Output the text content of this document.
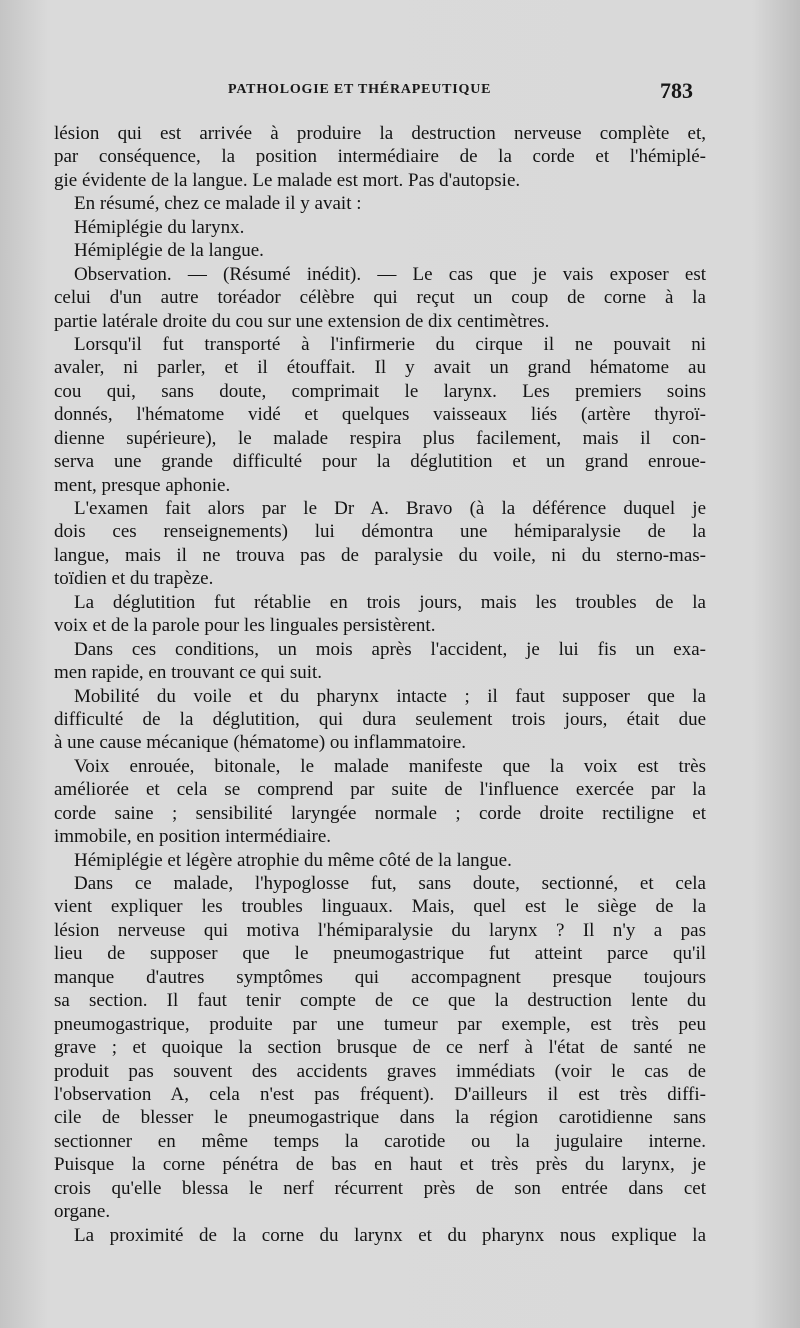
PATHOLOGIE ET THÉRAPEUTIQUE	783
lésion qui est arrivée à produire la destruction nerveuse complète et,
par conséquence, la position intermédiaire de la corde et l'hémiplé-
gie évidente de la langue. Le malade est mort. Pas d'autopsie.
En résumé, chez ce malade il y avait :
Hémiplégie du larynx.
Hémiplégie de la langue.
Observation. — (Résumé inédit). — Le cas que je vais exposer est
celui d'un autre toréador célèbre qui reçut un coup de corne à la
partie latérale droite du cou sur une extension de dix centimètres.
Lorsqu'il fut transporté à l'infirmerie du cirque il ne pouvait ni
avaler, ni parler, et il étouffait. Il y avait un grand hématome au
cou qui, sans doute, comprimait le larynx. Les premiers soins
donnés, l'hématome vidé et quelques vaisseaux liés (artère thyroï-
dienne supérieure), le malade respira plus facilement, mais il con-
serva une grande difficulté pour la déglutition et un grand enroue-
ment, presque aphonie.
L'examen fait alors par le Dr A. Bravo (à la déférence duquel je
dois ces renseignements) lui démontra une hémiparalysie de la
langue, mais il ne trouva pas de paralysie du voile, ni du sterno-mas-
toïdien et du trapèze.
La déglutition fut rétablie en trois jours, mais les troubles de la
voix et de la parole pour les linguales persistèrent.
Dans ces conditions, un mois après l'accident, je lui fis un exa-
men rapide, en trouvant ce qui suit.
Mobilité du voile et du pharynx intacte ; il faut supposer que la
difficulté de la déglutition, qui dura seulement trois jours, était due
à une cause mécanique (hématome) ou inflammatoire.
Voix enrouée, bitonale, le malade manifeste que la voix est très
améliorée et cela se comprend par suite de l'influence exercée par la
corde saine ; sensibilité laryngée normale ; corde droite rectiligne et
immobile, en position intermédiaire.
Hémiplégie et légère atrophie du même côté de la langue.
Dans ce malade, l'hypoglosse fut, sans doute, sectionné, et cela
vient expliquer les troubles linguaux. Mais, quel est le siège de la
lésion nerveuse qui motiva l'hémiparalysie du larynx ? Il n'y a pas
lieu de supposer que le pneumogastrique fut atteint parce qu'il
manque d'autres symptômes qui accompagnent presque toujours
sa section. Il faut tenir compte de ce que la destruction lente du
pneumogastrique, produite par une tumeur par exemple, est très peu
grave ; et quoique la section brusque de ce nerf à l'état de santé ne
produit pas souvent des accidents graves immédiats (voir le cas de
l'observation A, cela n'est pas fréquent). D'ailleurs il est très diffi-
cile de blesser le pneumogastrique dans la région carotidienne sans
sectionner en même temps la carotide ou la jugulaire interne.
Puisque la corne pénétra de bas en haut et très près du larynx, je
crois qu'elle blessa le nerf récurrent près de son entrée dans cet
organe.
La proximité de la corne du larynx et du pharynx nous explique la
